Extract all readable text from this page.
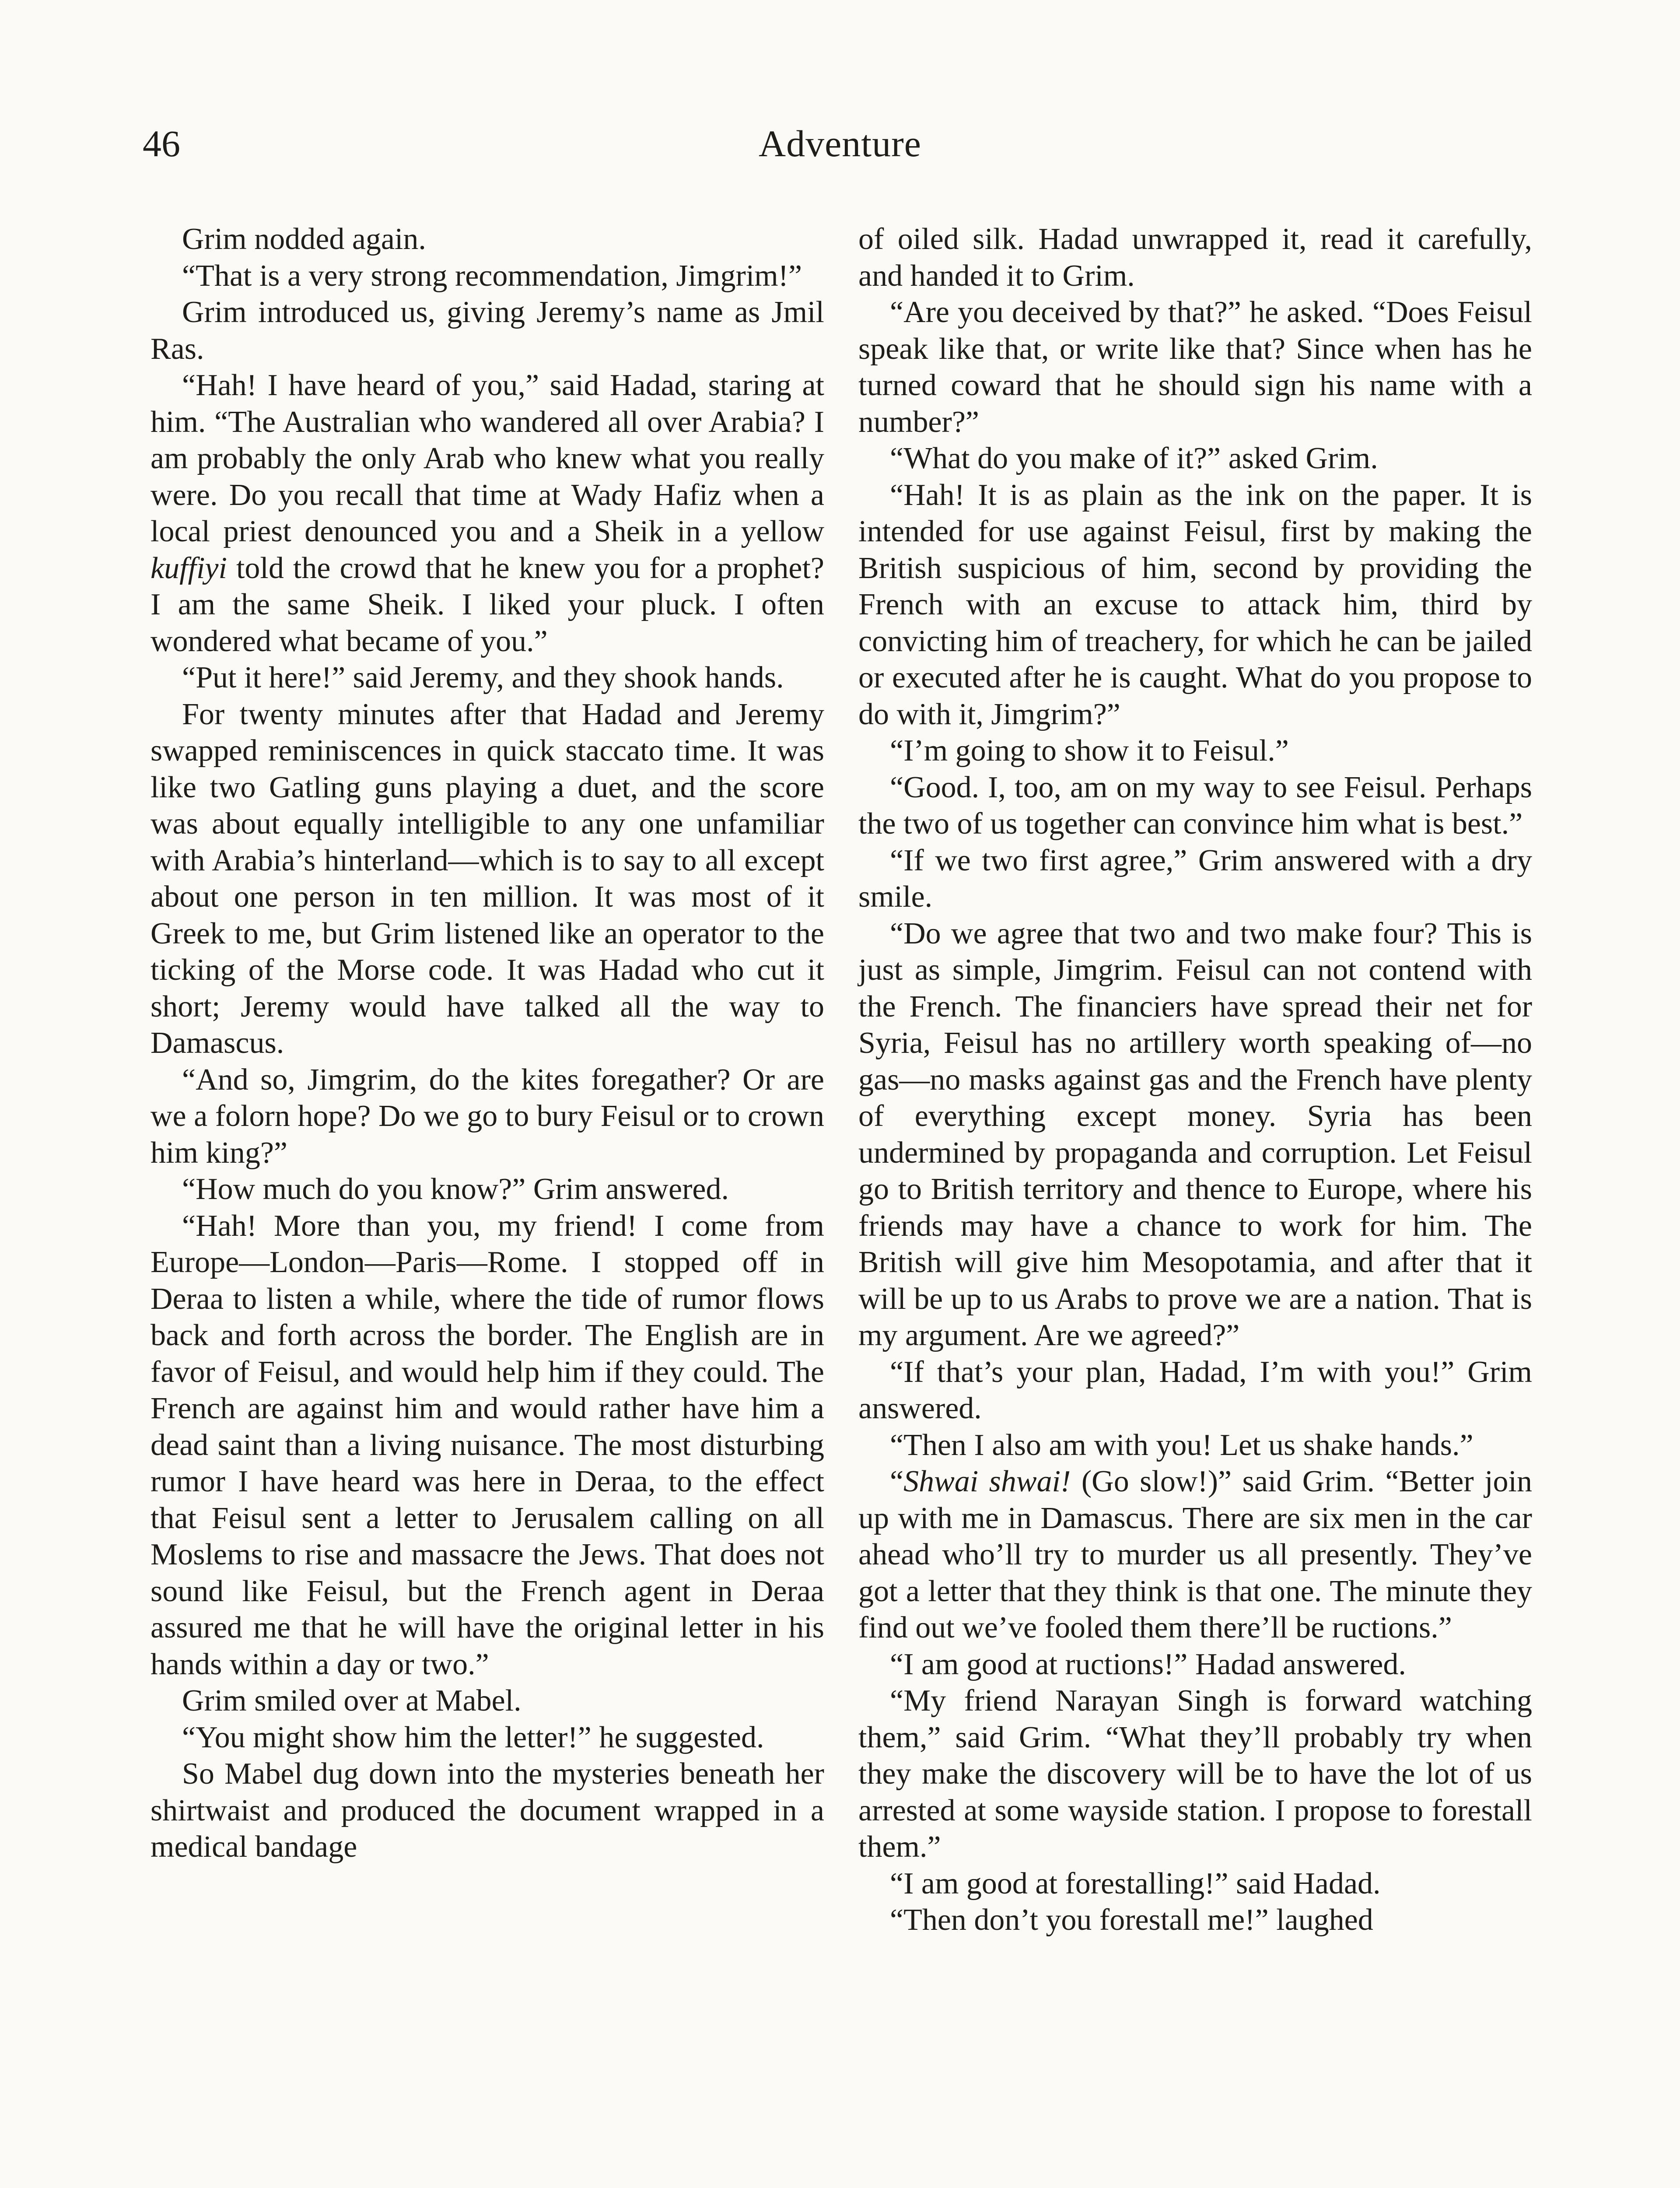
46	Adventure

Grim nodded again.

“That is a very strong recommendation, Jimgrim!”

Grim introduced us, giving Jeremy’s name as Jmil Ras.

“Hah! I have heard of you,” said Hadad, staring at him. “The Australian who wandered all over Arabia? I am probably the only Arab who knew what you really were. Do you recall that time at Wady Hafiz when a local priest denounced you and a Sheik in a yellow kuffiyi told the crowd that he knew you for a prophet? I am the same Sheik. I liked your pluck. I often wondered what became of you.”

“Put it here!” said Jeremy, and they shook hands.

For twenty minutes after that Hadad and Jeremy swapped reminiscences in quick staccato time. It was like two Gatling guns playing a duet, and the score was about equally intelligible to any one unfamiliar with Arabia’s hinterland—which is to say to all except about one person in ten million. It was most of it Greek to me, but Grim listened like an operator to the ticking of the Morse code. It was Hadad who cut it short; Jeremy would have talked all the way to Damascus.

“And so, Jimgrim, do the kites foregather? Or are we a folorn hope? Do we go to bury Feisul or to crown him king?”

“How much do you know?” Grim answered.

“Hah! More than you, my friend! I come from Europe—London—Paris—Rome. I stopped off in Deraa to listen a while, where the tide of rumor flows back and forth across the border. The English are in favor of Feisul, and would help him if they could. The French are against him and would rather have him a dead saint than a living nuisance. The most disturbing rumor I have heard was here in Deraa, to the effect that Feisul sent a letter to Jerusalem calling on all Moslems to rise and massacre the Jews. That does not sound like Feisul, but the French agent in Deraa assured me that he will have the original letter in his hands within a day or two.”

Grim smiled over at Mabel.

“You might show him the letter!” he suggested.

So Mabel dug down into the mysteries beneath her shirtwaist and produced the document wrapped in a medical bandage

of oiled silk. Hadad unwrapped it, read it carefully, and handed it to Grim.

“Are you deceived by that?” he asked. “Does Feisul speak like that, or write like that? Since when has he turned coward that he should sign his name with a number?”

“What do you make of it?” asked Grim.

“Hah! It is as plain as the ink on the paper. It is intended for use against Feisul, first by making the British suspicious of him, second by providing the French with an excuse to attack him, third by convicting him of treachery, for which he can be jailed or executed after he is caught. What do you propose to do with it, Jimgrim?”

“I’m going to show it to Feisul.”

“Good. I, too, am on my way to see Feisul. Perhaps the two of us together can convince him what is best.”

“If we two first agree,” Grim answered with a dry smile.

“Do we agree that two and two make four? This is just as simple, Jimgrim. Feisul can not contend with the French. The financiers have spread their net for Syria, Feisul has no artillery worth speaking of—no gas—no masks against gas and the French have plenty of everything except money. Syria has been undermined by propaganda and corruption. Let Feisul go to British territory and thence to Europe, where his friends may have a chance to work for him. The British will give him Mesopotamia, and after that it will be up to us Arabs to prove we are a nation. That is my argument. Are we agreed?”

“If that’s your plan, Hadad, I’m with you!” Grim answered.

“Then I also am with you! Let us shake hands.”

“Shwai shwai! (Go slow!)” said Grim. “Better join up with me in Damascus. There are six men in the car ahead who’ll try to murder us all presently. They’ve got a letter that they think is that one. The minute they find out we’ve fooled them there’ll be ructions.”

“I am good at ructions!” Hadad answered.

“My friend Narayan Singh is forward watching them,” said Grim. “What they’ll probably try when they make the discovery will be to have the lot of us arrested at some wayside station. I propose to forestall them.”

“I am good at forestalling!” said Hadad.

“Then don’t you forestall me!” laughed
